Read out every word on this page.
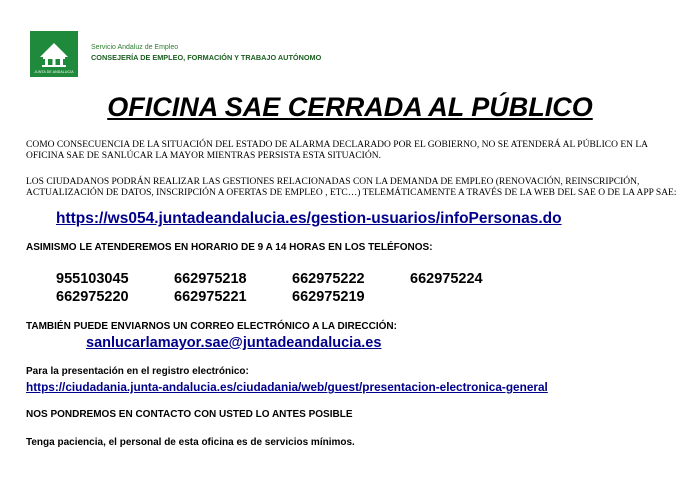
JUNTA DE ANDALUCIA
Servicio Andaluz de Empleo
CONSEJERÍA DE EMPLEO, FORMACIÓN Y TRABAJO AUTÓNOMO
OFICINA SAE CERRADA AL PÚBLICO
COMO CONSECUENCIA DE LA SITUACIÓN DEL ESTADO DE ALARMA DECLARADO POR EL GOBIERNO, NO SE ATENDERÁ AL PÚBLICO EN LA OFICINA SAE DE SANLÚCAR LA MAYOR MIENTRAS PERSISTA ESTA SITUACIÓN.
LOS CIUDADANOS PODRÁN REALIZAR LAS GESTIONES RELACIONADAS CON LA DEMANDA DE EMPLEO (RENOVACIÓN, REINSCRIPCIÓN, ACTUALIZACIÓN DE DATOS, INSCRIPCIÓN A OFERTAS DE EMPLEO , ETC…) TELEMÁTICAMENTE A TRAVÉS DE LA WEB DEL SAE O DE LA APP SAE:
https://ws054.juntadeandalucia.es/gestion-usuarios/infoPersonas.do
ASIMISMO LE ATENDEREMOS EN HORARIO DE 9 A 14 HORAS EN LOS TELÉFONOS:
955103045	662975218	662975222	662975224
662975220	662975221	662975219
TAMBIÉN PUEDE ENVIARNOS UN CORREO ELECTRÓNICO A LA DIRECCIÓN:
sanlucarlamayor.sae@juntadeandalucia.es
Para la presentación en el registro electrónico:
https://ciudadania.junta-andalucia.es/ciudadania/web/guest/presentacion-electronica-general
NOS PONDREMOS EN CONTACTO CON USTED LO ANTES POSIBLE
Tenga paciencia, el personal de esta oficina es de servicios mínimos.
